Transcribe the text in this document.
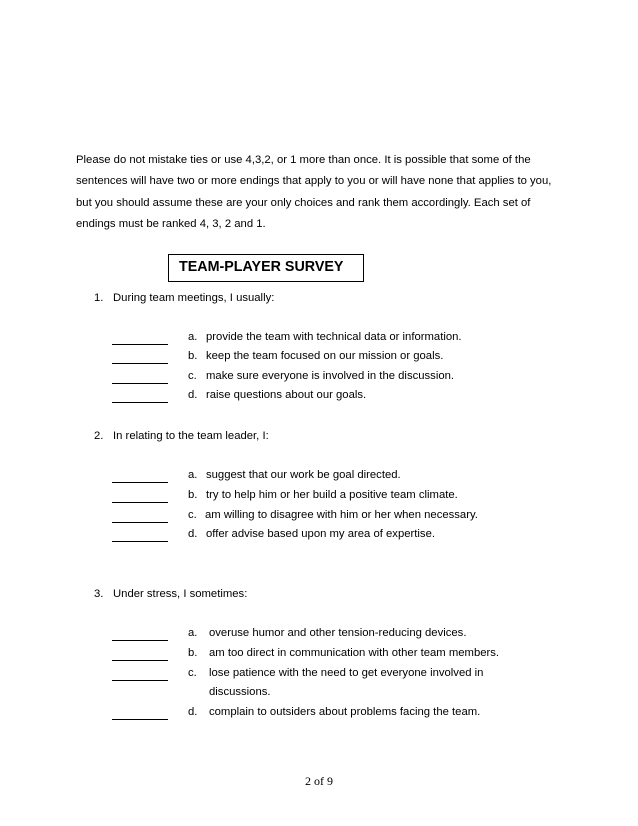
Please do not mistake ties or use 4,3,2, or 1 more than once. It is possible that some of the

sentences will have two or more endings that apply to you or will have none that applies to you,

but you should assume these are your only choices and rank them accordingly. Each set of

endings must be ranked 4, 3, 2 and 1.

TEAM-PLAYER SURVEY
1. During team meetings, I usually:
a. provide the team with technical data or information.
b. keep the team focused on our mission or goals.
c. make sure everyone is involved in the discussion.
d. raise questions about our goals.
2. In relating to the team leader, I:
a. suggest that our work be goal directed.
b. try to help him or her build a positive team climate.
c. am willing to disagree with him or her when necessary.
d. offer advise based upon my area of expertise.
3. Under stress, I sometimes:
a. overuse humor and other tension-reducing devices.
b. am too direct in communication with other team members.
c. lose patience with the need to get everyone involved in
discussions.
d. complain to outsiders about problems facing the team.
2 of 9
